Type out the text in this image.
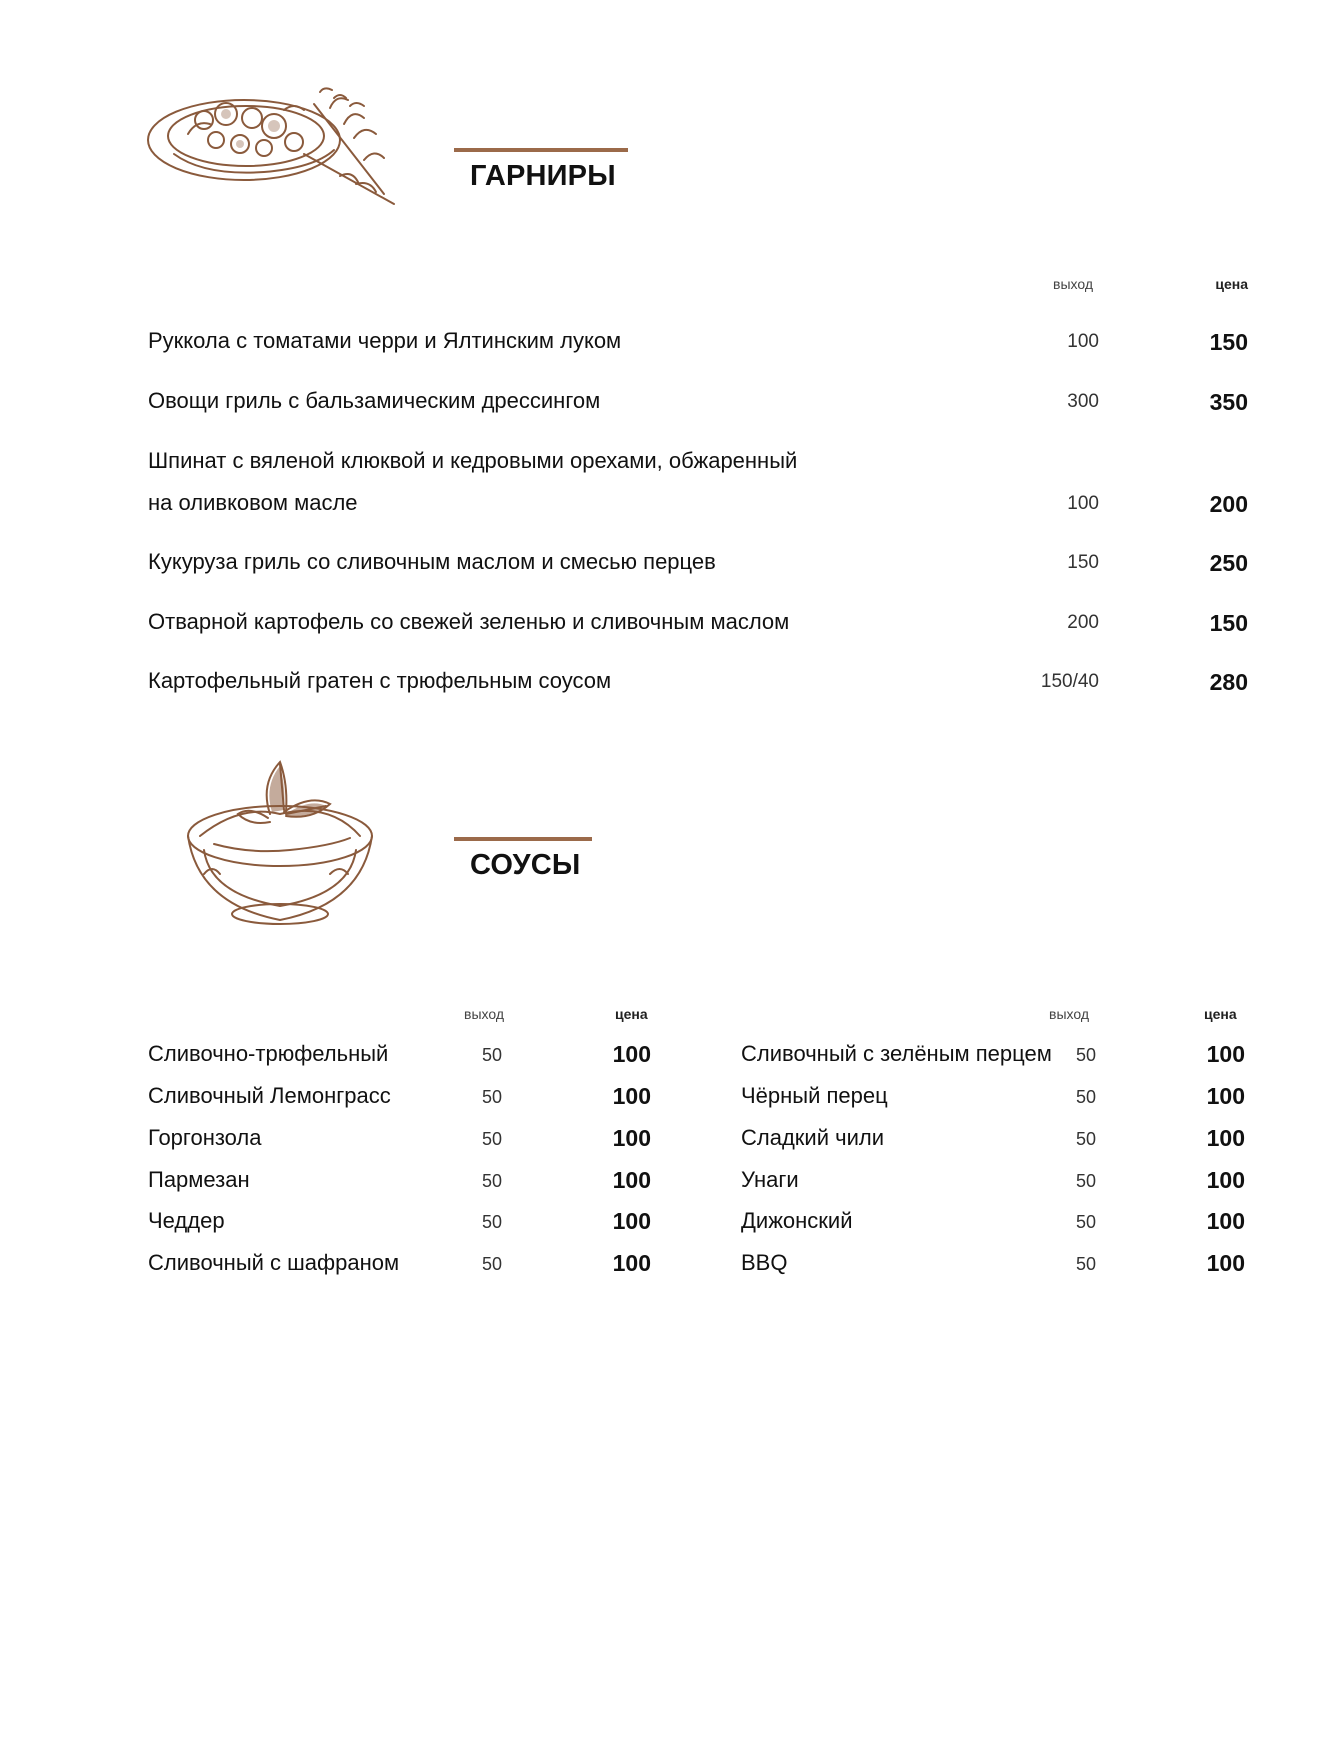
ГАРНИРЫ
выход	цена
Руккола с томатами черри и Ялтинским луком	100	150
Овощи гриль с бальзамическим дрессингом	300	350
Шпинат с вяленой клюквой и кедровыми орехами, обжаренный
на оливковом масле	100	200
Кукуруза гриль со сливочным маслом и смесью перцев	150	250
Отварной картофель со свежей зеленью и сливочным маслом	200	150
Картофельный гратен с трюфельным соусом	150/40	280
СОУСЫ
выход	цена	выход	цена
Сливочно-трюфельный	50	100
Сливочный Лемонграсс	50	100
Горгонзола	50	100
Пармезан	50	100
Чеддер	50	100
Сливочный с шафраном	50	100
Сливочный с зелёным перцем 50	100
Чёрный перец	50	100
Сладкий чили	50	100
Унаги	50	100
Дижонский	50	100
BBQ	50	100
